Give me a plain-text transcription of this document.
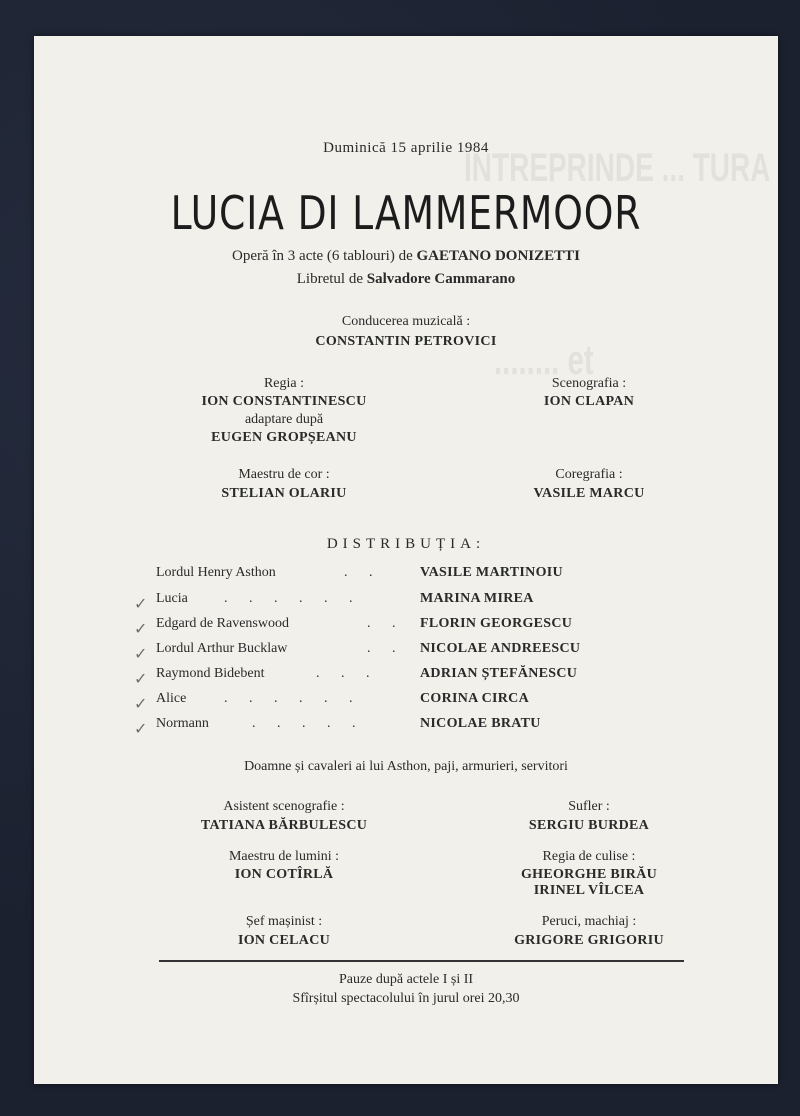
ÎNTREPRINDE ... TURA
........ et
Duminică 15 aprilie 1984
LUCIA DI LAMMERMOOR
Operă în 3 acte (6 tablouri) de GAETANO DONIZETTI
Libretul de Salvadore Cammarano
Conducerea muzicală :
CONSTANTIN PETROVICI
Regia :
ION CONSTANTINESCU
adaptare după
EUGEN GROPȘEANU
Scenografia :
ION CLAPAN
Maestru de cor :
STELIAN OLARIU
Coregrafia :
VASILE MARCU
DISTRIBUȚIA:
✓
✓
✓
✓
✓
✓
Lordul Henry Asthon	. .	VASILE MARTINOIU
Lucia	. . . . . .	MARINA MIREA
Edgard de Ravenswood	. . FLORIN GEORGESCU
Lordul Arthur Bucklaw	. . NICOLAE ANDREESCU
Raymond Bidebent	. . .	ADRIAN ȘTEFĂNESCU
Alice	. . . . . .	CORINA CIRCA
Normann	. . . . .	NICOLAE BRATU
Doamne și cavaleri ai lui Asthon, paji, armurieri, servitori
Asistent scenografie :
TATIANA BĂRBULESCU
Sufler :
SERGIU BURDEA
Maestru de lumini :
ION COTÎRLĂ
Regia de culise :
GHEORGHE BIRĂU
IRINEL VÎLCEA
Șef mașinist :
ION CELACU
Peruci, machiaj :
GRIGORE GRIGORIU
Pauze după actele I și II
Sfîrșitul spectacolului în jurul orei 20,30
